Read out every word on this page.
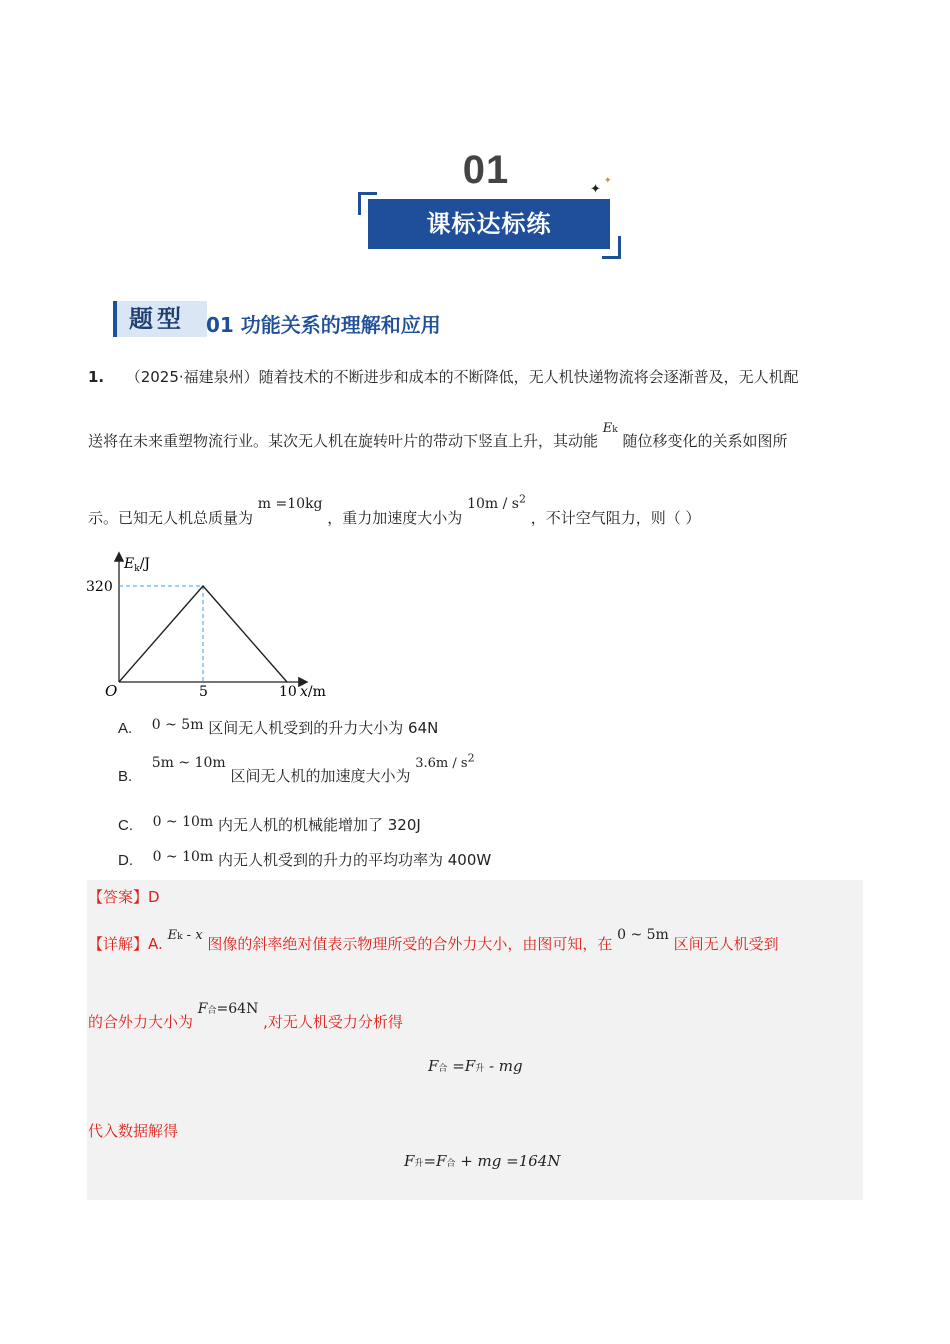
01
课标达标练
✦
✦
题型	01 功能关系的理解和应用
1. （2025·福建泉州）随着技术的不断进步和成本的不断降低，无人机快递物流将会逐渐普及，无人机配
送将在未来重塑物流行业。某次无人机在旋转叶片的带动下竖直上升，其动能 Ek 随位移变化的关系如图所
示。已知无人机总质量为 m =10kg ，重力加速度大小为 $10m / s^2$ ，不计空气阻力，则（ ）
$E_k/J$
320
O	5	10 x/m
A. 0 ~ 5m 区间无人机受到的升力大小为 64N
B.  5m ~ 10m 区间无人机的加速度大小为 $3.6m / s^2$
C. 0 ~ 10m 内无人机的机械能增加了 320J
D. 0 ~ 10m 内无人机受到的升力的平均功率为 400W
【答案】D
【详解】A. Ek - x 图像的斜率绝对值表示物理所受的合外力大小，由图可知，在 0 ~ 5m 区间无人机受到
的合外力大小为 F合=64N ,对无人机受力分析得
F合 =F升 - mg
代入数据解得
F升=F合 + mg =164N
